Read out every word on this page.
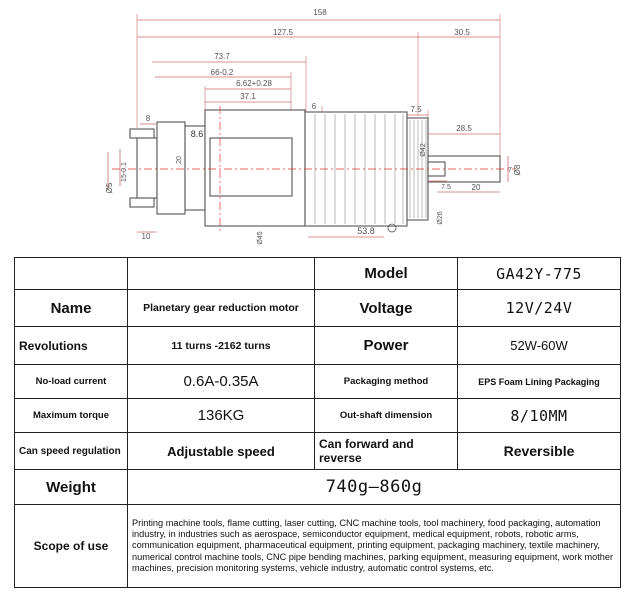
158
127.5	30.5
73.7
66-0.2
6.62+0.28
37.1
6	7.5
28.5
8
8.6
15-0.1
Ø5
20
Ø42
Ø8
7
7.5	20
10	Ø45
53.8
Ø26
		Model	GA42Y-775
Name	Planetary gear reduction motor	Voltage	12V/24V
Revolutions	11 turns -2162 turns	Power	52W-60W
No-load current	0.6A-0.35A	Packaging method	EPS Foam Lining Packaging
Maximum torque	136KG	Out-shaft dimension	8/10MM
Can speed regulation	Adjustable speed	Can forward and reverse	Reversible
Weight	740g—860g		
Scope of use	Printing machine tools, flame cutting, laser cutting, CNC machine tools, tool machinery, food packaging, automation industry, in industries such as aerospace, semiconductor equipment, medical equipment, robots, robotic arms, communication equipment, pharmaceutical equipment, printing equipment, packaging machinery, textile machinery, numerical control machine tools, CNC pipe bending machines, parking equipment, measuring equipment, work mother machines, precision monitoring systems, vehicle industry, automatic control systems, etc.		
